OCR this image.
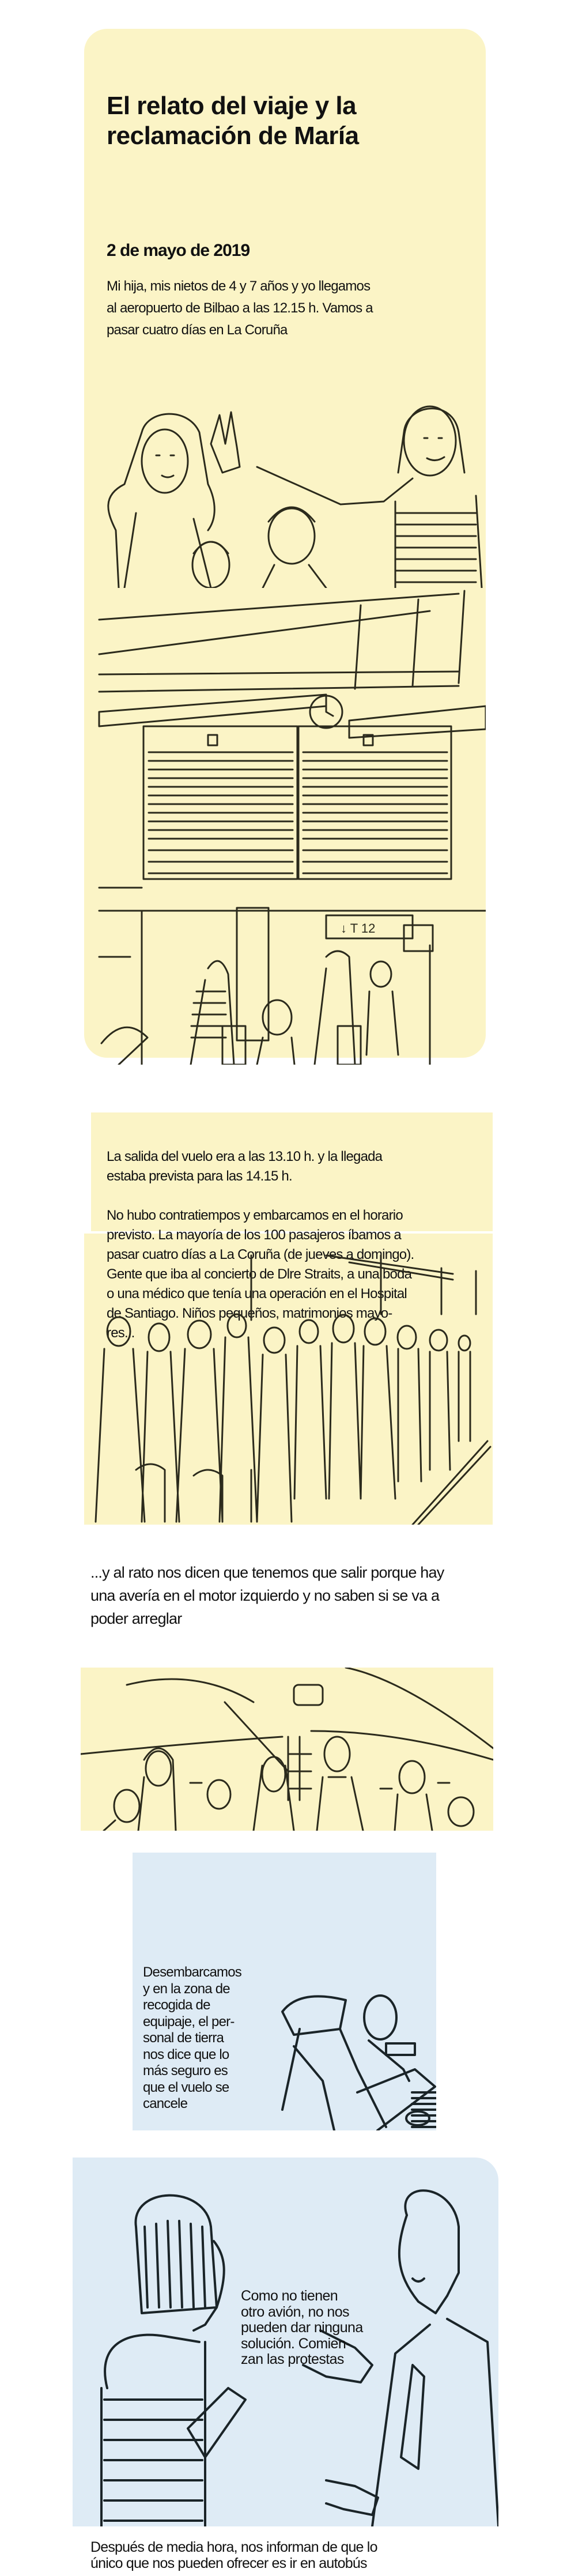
El relato del viaje y la
reclamación de María
2 de mayo de 2019
Mi hija, mis nietos de 4 y 7 años y yo llegamos
al aeropuerto de Bilbao a las 12.15 h. Vamos a
pasar cuatro días en La Coruña
↓ T 12
La salida del vuelo era a las 13.10 h. y la llegada
estaba prevista para las 14.15 h.
No hubo contratiempos y embarcamos en el horario
previsto. La mayoría de los 100 pasajeros íbamos a
pasar cuatro días a La Coruña (de jueves a domingo).
Gente que iba al concierto de Dlre Straits, a una boda
o una médico que tenía una operación en el Hospital
de Santiago. Niños pequeños, matrimonios mayo-
res...
...y al rato nos dicen que tenemos que salir porque hay
una avería en el motor izquierdo y no saben si se va a
poder arreglar
Desembarcamos
y en la zona de
recogida de
equipaje, el per-
sonal de tierra
nos dice que lo
más seguro es
que el vuelo se
cancele
Como no tienen
otro avión, no nos
pueden dar ninguna
solución. Comien-
zan las protestas
Después de media hora, nos informan de que lo
único que nos pueden ofrecer es ir en autobús
